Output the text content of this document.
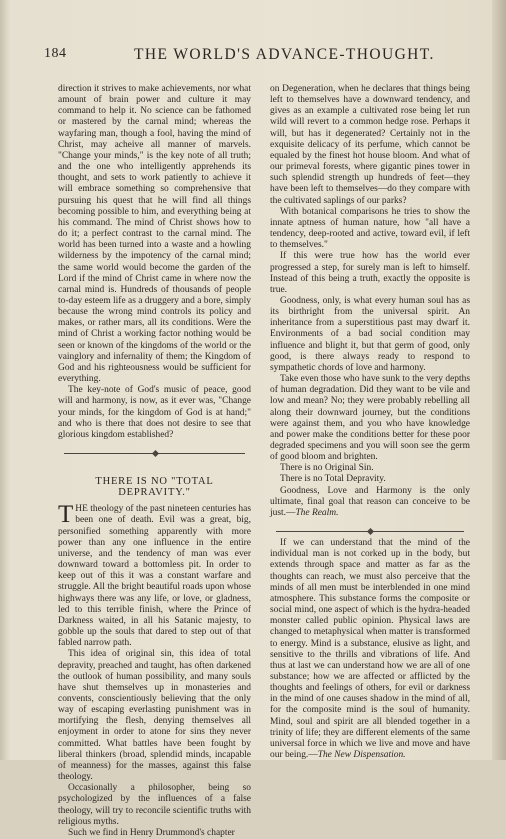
184	THE WORLD'S ADVANCE-THOUGHT.

direction it strives to make achievements, nor what amount of brain power and culture it may command to help it. No science can be fathomed or mastered by the carnal mind; whereas the wayfaring man, though a fool, having the mind of Christ, may acheive all manner of marvels. "Change your minds," is the key note of all truth; and the one who intelligently apprehends its thought, and sets to work patiently to achieve it will embrace something so comprehensive that pursuing his quest that he will find all things becoming possible to him, and everything being at his command. The mind of Christ shows how to do it; a perfect contrast to the carnal mind. The world has been turned into a waste and a howling wilderness by the impotency of the carnal mind; the same world would become the garden of the Lord if the mind of Christ came in where now the carnal mind is. Hundreds of thousands of people to-day esteem life as a druggery and a bore, simply because the wrong mind controls its policy and makes, or rather mars, all its conditions. Were the mind of Christ a working factor nothing would be seen or known of the kingdoms of the world or the vainglory and infernality of them; the Kingdom of God and his righteousness would be sufficient for everything.

The key-note of God's music of peace, good will and harmony, is now, as it ever was, "Change your minds, for the kingdom of God is at hand;" and who is there that does not desire to see that glorious kingdom established?

THERE IS NO "TOTAL DEPRAVITY."

THE theology of the past nineteen centuries has been one of death. Evil was a great, big, personified something apparently with more power than any one influence in the entire universe, and the tendency of man was ever downward toward a bottomless pit. In order to keep out of this it was a constant warfare and struggle. All the bright beautiful roads upon whose highways there was any life, or love, or gladness, led to this terrible finish, where the Prince of Darkness waited, in all his Satanic majesty, to gobble up the souls that dared to step out of that fabled narrow path.

This idea of original sin, this idea of total depravity, preached and taught, has often darkened the outlook of human possibility, and many souls have shut themselves up in monasteries and convents, conscientiously believing that the only way of escaping everlasting punishment was in mortifying the flesh, denying themselves all enjoyment in order to atone for sins they never committed. What battles have been fought by liberal thinkers (broad, splendid minds, incapable of meanness) for the masses, against this false theology.

Occasionally a philosopher, being so psychologized by the influences of a false theology, will try to reconcile scientific truths with religious myths.

Such we find in Henry Drummond's chapter

on Degeneration, when he declares that things being left to themselves have a downward tendency, and gives as an example a cultivated rose being let run wild will revert to a common hedge rose. Perhaps it will, but has it degenerated? Certainly not in the exquisite delicacy of its perfume, which cannot be equaled by the finest hot house bloom. And what of our primeval forests, where gigantic pines tower in such splendid strength up hundreds of feet—they have been left to themselves—do they compare with the cultivated saplings of our parks?

With botanical comparisons he tries to show the innate aptness of human nature, how "all have a tendency, deep-rooted and active, toward evil, if left to themselves."

If this were true how has the world ever progressed a step, for surely man is left to himself. Instead of this being a truth, exactly the opposite is true.

Goodness, only, is what every human soul has as its birthright from the universal spirit. An inheritance from a superstitious past may dwarf it. Environments of a bad social condition may influence and blight it, but that germ of good, only good, is there always ready to respond to sympathetic chords of love and harmony.

Take even those who have sunk to the very depths of human degradation. Did they want to be vile and low and mean? No; they were probably rebelling all along their downward journey, but the conditions were against them, and you who have knowledge and power make the conditions better for these poor degraded specimens and you will soon see the germ of good bloom and brighten.

There is no Original Sin.

There is no Total Depravity.

Goodness, Love and Harmony is the only ultimate, final goal that reason can conceive to be just.—The Realm.

If we can understand that the mind of the individual man is not corked up in the body, but extends through space and matter as far as the thoughts can reach, we must also perceive that the minds of all men must be interblended in one mind atmosphere. This substance forms the composite or social mind, one aspect of which is the hydra-headed monster called public opinion. Physical laws are changed to metaphysical when matter is transformed to energy. Mind is a substance, elusive as light, and sensitive to the thrills and vibrations of life. And thus at last we can understand how we are all of one substance; how we are affected or afflicted by the thoughts and feelings of others, for evil or darkness in the mind of one causes shadow in the mind of all, for the composite mind is the soul of humanity. Mind, soul and spirit are all blended together in a trinity of life; they are different elements of the same universal force in which we live and move and have our being.—The New Dispensation.
